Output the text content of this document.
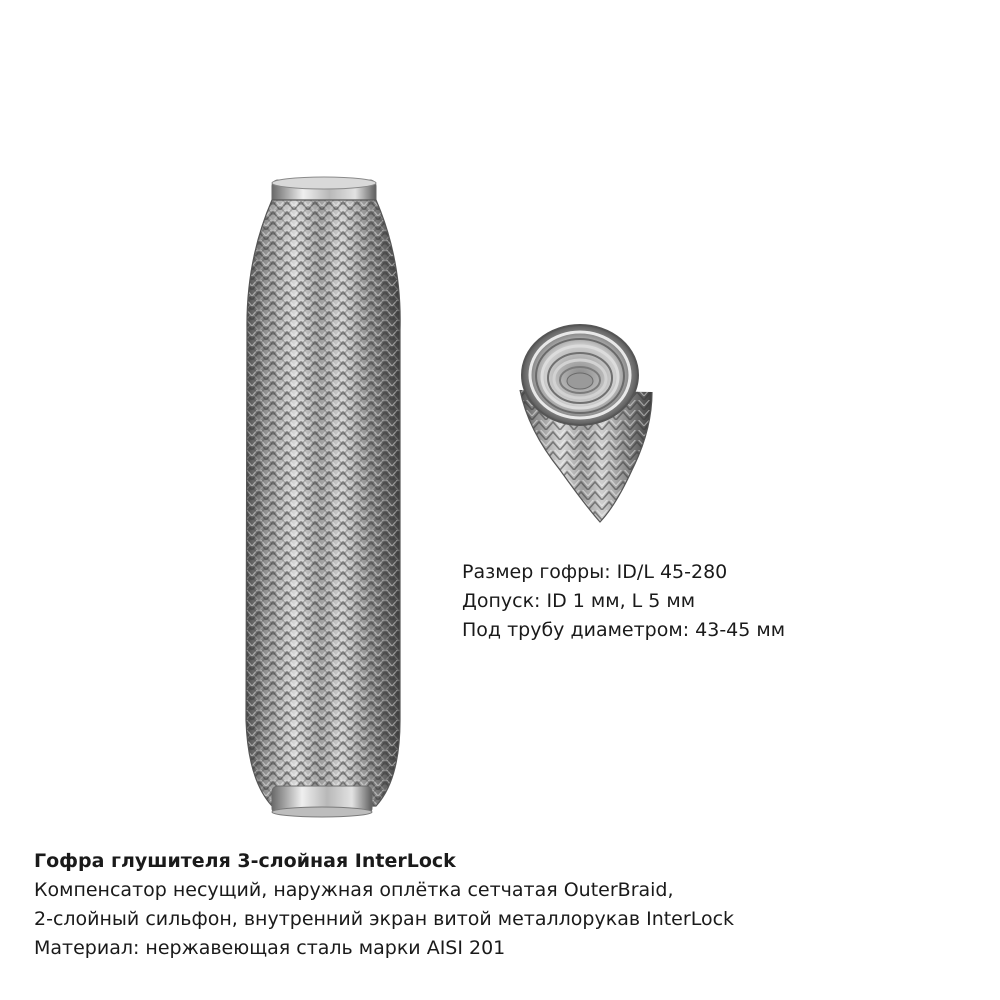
Размер гофры: ID/L 45-280
Допуск: ID 1 мм, L 5 мм
Под трубу диаметром: 43-45 мм
Гофра глушителя 3-слойная InterLock
Компенсатор несущий, наружная оплётка сетчатая OuterBraid,
2-слойный сильфон, внутренний экран витой металлорукав InterLock
Материал: нержавеющая сталь марки AISI 201
